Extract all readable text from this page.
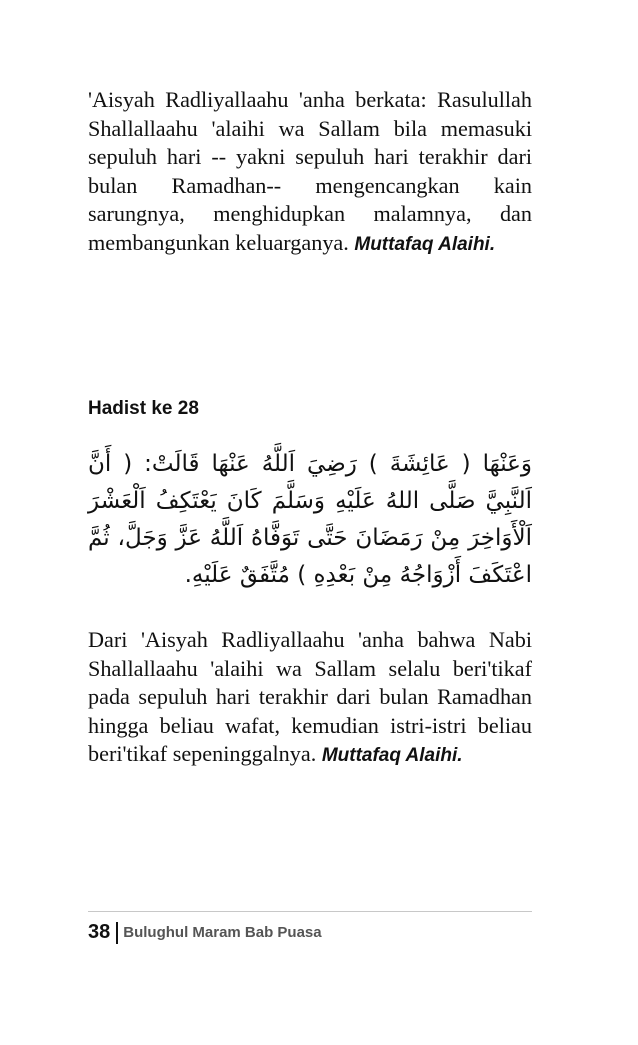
'Aisyah Radliyallaahu 'anha berkata: Rasulullah Shallallaahu 'alaihi wa Sallam bila memasuki sepuluh hari -- yakni sepuluh hari terakhir dari bulan Ramadhan-- mengencangkan kain sarungnya, menghidupkan malamnya, dan membangunkan keluarganya. Muttafaq Alaihi.

Hadist ke 28

وَعَنْهَا ( عَائِشَةَ ) رَضِيَ اَللَّهُ عَنْهَا قَالَتْ: ( أَنَّ اَلنَّبِيَّ صَلَّى اللهُ عَلَيْهِ وَسَلَّمَ كَانَ يَعْتَكِفُ اَلْعَشْرَ اَلْأَوَاخِرَ مِنْ رَمَضَانَ حَتَّى تَوَفَّاهُ اَللَّهُ عَزَّ وَجَلَّ، ثُمَّ اعْتَكَفَ أَزْوَاجُهُ مِنْ بَعْدِهِ ) مُتَّفَقٌ عَلَيْهِ.

Dari 'Aisyah Radliyallaahu 'anha bahwa Nabi Shallallaahu 'alaihi wa Sallam selalu beri'tikaf pada sepuluh hari terakhir dari bulan Ramadhan hingga beliau wafat, kemudian istri-istri beliau beri'tikaf sepeninggalnya. Muttafaq Alaihi.

38 Bulughul Maram Bab Puasa
